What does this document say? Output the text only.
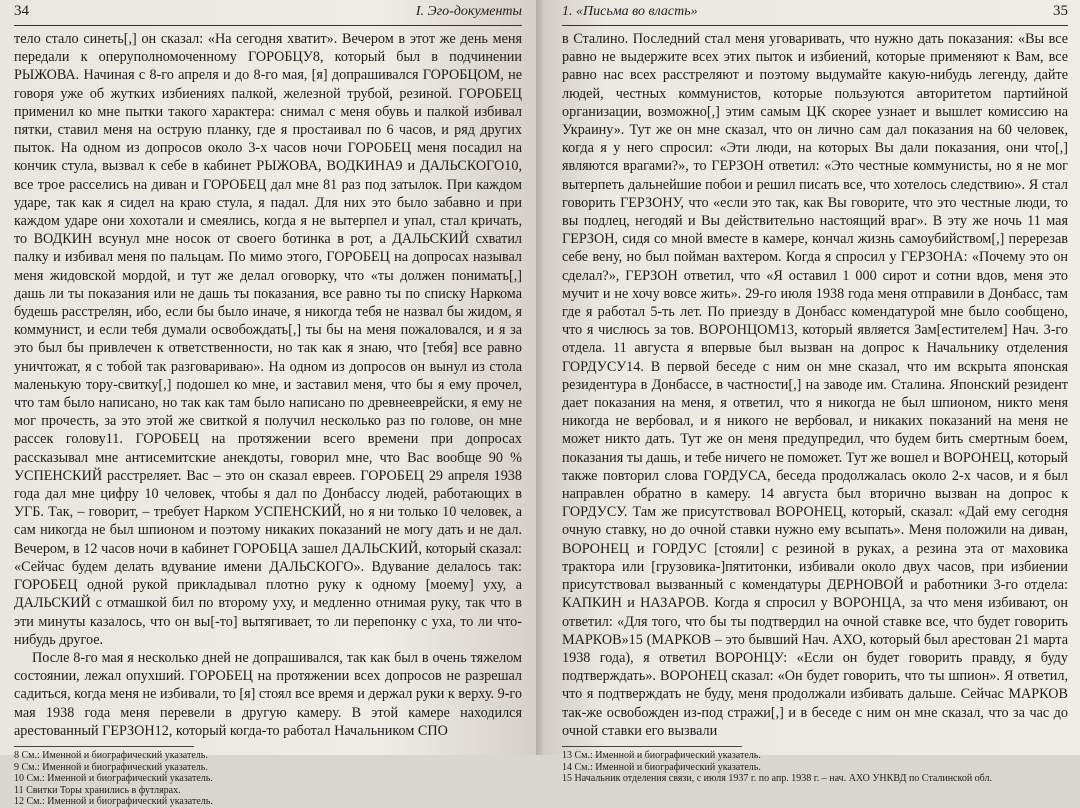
34	I. Эго-документы

тело стало синеть[,] он сказал: «На сегодня хватит». Вечером в этот же день меня передали к оперуполномоченному ГОРОБЦУ8, который был в подчинении РЫЖОВА. Начиная с 8-го апреля и до 8-го мая, [я] допрашивался ГОРОБЦОМ, не говоря уже об жутких избиениях палкой, железной трубой, резиной. ГОРОБЕЦ применил ко мне пытки такого характера: снимал с меня обувь и палкой избивал пятки, ставил меня на острую планку, где я простаивал по 6 часов, и ряд других пыток. На одном из допросов около 3-х часов ночи ГОРОБЕЦ меня посадил на кончик стула, вызвал к себе в кабинет РЫЖОВА, ВОДКИНА9 и ДАЛЬСКОГО10, все трое расселись на диван и ГОРОБЕЦ дал мне 81 раз под затылок. При каждом ударе, так как я сидел на краю стула, я падал. Для них это было забавно и при каждом ударе они хохотали и смеялись, когда я не вытерпел и упал, стал кричать, то ВОДКИН всунул мне носок от своего ботинка в рот, а ДАЛЬСКИЙ схватил палку и избивал меня по пальцам. По мимо этого, ГОРОБЕЦ на допросах называл меня жидовской мордой, и тут же делал оговорку, что «ты должен понимать[,] дашь ли ты показания или не дашь ты показания, все равно ты по списку Наркома будешь расстрелян, ибо, если бы было иначе, я никогда тебя не назвал бы жидом, я коммунист, и если тебя думали освобождать[,] ты бы на меня пожаловался, и я за это был бы привлечен к ответственности, но так как я знаю, что [тебя] все равно уничтожат, я с тобой так разговариваю». На одном из допросов он вынул из стола маленькую тору-свитку[,] подошел ко мне, и заставил меня, что бы я ему прочел, что там было написано, но так как там было написано по древнееврейски, я ему не мог прочесть, за это этой же свиткой я получил несколько раз по голове, он мне рассек голову11. ГОРОБЕЦ на протяжении всего времени при допросах рассказывал мне антисемитские анекдоты, говорил мне, что Вас вообще 90 % УСПЕНСКИЙ расстреляет. Вас – это он сказал евреев. ГОРОБЕЦ 29 апреля 1938 года дал мне цифру 10 человек, чтобы я дал по Донбассу людей, работающих в УГБ. Так, – говорит, – требует Нарком УСПЕНСКИЙ, но я ни только 10 человек, а сам никогда не был шпионом и поэтому никаких показаний не могу дать и не дал. Вечером, в 12 часов ночи в кабинет ГОРОБЦА зашел ДАЛЬСКИЙ, который сказал: «Сейчас будем делать вдувание имени ДАЛЬСКОГО». Вдувание делалось так: ГОРОБЕЦ одной рукой прикладывал плотно руку к одному [моему] уху, а ДАЛЬСКИЙ с отмашкой бил по второму уху, и медленно отнимая руку, так что в эти минуты казалось, что он вы[-то] вытягивает, то ли перепонку с уха, то ли что-нибудь другое.

После 8-го мая я несколько дней не допрашивался, так как был в очень тяжелом состоянии, лежал опухший. ГОРОБЕЦ на протяжении всех допросов не разрешал садиться, когда меня не избивали, то [я] стоял все время и держал руки к верху. 9-го мая 1938 года меня перевели в другую камеру. В этой камере находился арестованный ГЕРЗОН12, который когда-то работал Начальником СПО

8 См.: Именной и биографический указатель.

9 См.: Именной и биографический указатель.

10 См.: Именной и биографический указатель.

11 Свитки Торы хранились в футлярах.

12 См.: Именной и биографический указатель.

1. «Письма во власть»	35

в Сталино. Последний стал меня уговаривать, что нужно дать показания: «Вы все равно не выдержите всех этих пыток и избиений, которые применяют к Вам, все равно нас всех расстреляют и поэтому выдумайте какую-нибудь легенду, дайте людей, честных коммунистов, которые пользуются авторитетом партийной организации, возможно[,] этим самым ЦК скорее узнает и вышлет комиссию на Украину». Тут же он мне сказал, что он лично сам дал показания на 60 человек, когда я у него спросил: «Эти люди, на которых Вы дали показания, они что[,] являются врагами?», то ГЕРЗОН ответил: «Это честные коммунисты, но я не мог вытерпеть дальнейшие побои и решил писать все, что хотелось следствию». Я стал говорить ГЕРЗОНУ, что «если это так, как Вы говорите, что это честные люди, то вы подлец, негодяй и Вы действительно настоящий враг». В эту же ночь 11 мая ГЕРЗОН, сидя со мной вместе в камере, кончал жизнь самоубийством[,] перерезав себе вену, но был пойман вахтером. Когда я спросил у ГЕРЗОНА: «Почему это он сделал?», ГЕРЗОН ответил, что «Я оставил 1 000 сирот и сотни вдов, меня это мучит и не хочу вовсе жить». 29-го июля 1938 года меня отправили в Донбасс, там где я работал 5-ть лет. По приезду в Донбасс комендатурой мне было сообщено, что я числюсь за тов. ВОРОНЦОМ13, который является Зам[естителем] Нач. 3-го отдела. 11 августа я впервые был вызван на допрос к Начальнику отделения ГОРДУСУ14. В первой беседе с ним он мне сказал, что им вскрыта японская резидентура в Донбассе, в частности[,] на заводе им. Сталина. Японский резидент дает показания на меня, я ответил, что я никогда не был шпионом, никто меня никогда не вербовал, и я никого не вербовал, и никаких показаний на меня не может никто дать. Тут же он меня предупредил, что будем бить смертным боем, показания ты дашь, и тебе ничего не поможет. Тут же вошел и ВОРОНЕЦ, который также повторил слова ГОРДУСА, беседа продолжалась около 2-х часов, и я был направлен обратно в камеру. 14 августа был вторично вызван на допрос к ГОРДУСУ. Там же присутствовал ВОРОНЕЦ, который, сказал: «Дай ему сегодня очную ставку, но до очной ставки нужно ему всыпать». Меня положили на диван, ВОРОНЕЦ и ГОРДУС [стояли] с резиной в руках, а резина эта от маховика трактора или [грузовика-]пятитонки, избивали около двух часов, при избиении присутствовал вызванный с комендатуры ДЕРНОВОЙ и работники 3-го отдела: КАПКИН и НАЗАРОВ. Когда я спросил у ВОРОНЦА, за что меня избивают, он ответил: «Для того, что бы ты подтвердил на очной ставке все, что будет говорить МАРКОВ»15 (МАРКОВ – это бывший Нач. АХО, который был арестован 21 марта 1938 года), я ответил ВОРОНЦУ: «Если он будет говорить правду, я буду подтверждать». ВОРОНЕЦ сказал: «Он будет говорить, что ты шпион». Я ответил, что я подтверждать не буду, меня продолжали избивать дальше. Сейчас МАРКОВ так-же освобожден из-под стражи[,] и в беседе с ним он мне сказал, что за час до очной ставки его вызвали

13 См.: Именной и биографический указатель.

14 См.: Именной и биографический указатель.

15 Начальник отделения связи, с июля 1937 г. по апр. 1938 г. – нач. АХО УНКВД по Сталинской обл.
